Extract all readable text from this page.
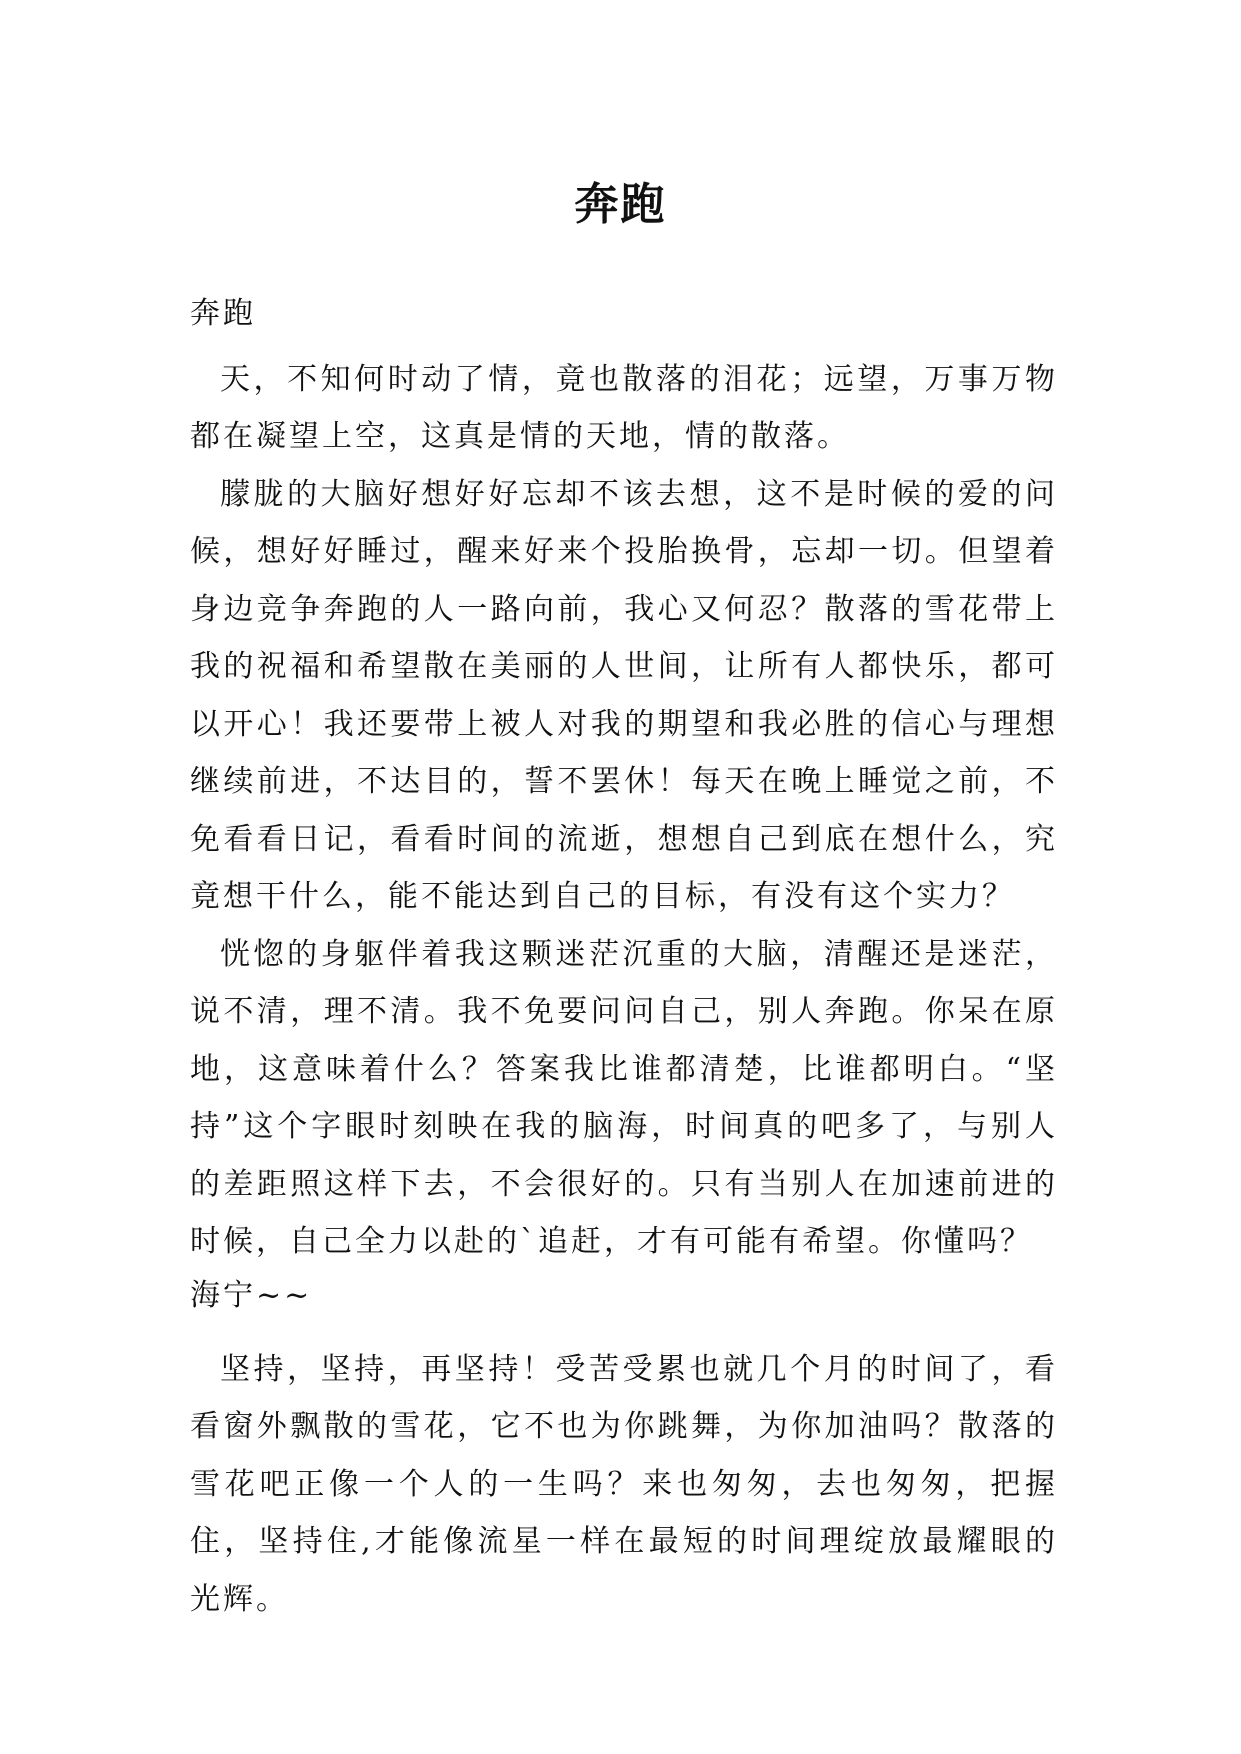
奔跑

奔跑

天，不知何时动了情，竟也散落的泪花；远望，万事万物都在凝望上空，这真是情的天地，情的散落。

朦胧的大脑好想好好忘却不该去想，这不是时候的爱的问候，想好好睡过，醒来好来个投胎换骨，忘却一切。但望着身边竞争奔跑的人一路向前，我心又何忍？散落的雪花带上我的祝福和希望散在美丽的人世间，让所有人都快乐，都可以开心！我还要带上被人对我的期望和我必胜的信心与理想继续前进，不达目的，誓不罢休！每天在晚上睡觉之前，不免看看日记，看看时间的流逝，想想自己到底在想什么，究竟想干什么，能不能达到自己的目标，有没有这个实力？

恍惚的身躯伴着我这颗迷茫沉重的大脑，清醒还是迷茫，说不清，理不清。我不免要问问自己，别人奔跑。你呆在原地，这意味着什么？答案我比谁都清楚，比谁都明白。“坚持”这个字眼时刻映在我的脑海，时间真的吧多了，与别人的差距照这样下去，不会很好的。只有当别人在加速前进的时候，自己全力以赴的`追赶，才有可能有希望。你懂吗？

海宁~~

坚持，坚持，再坚持！受苦受累也就几个月的时间了，看看窗外飘散的雪花，它不也为你跳舞，为你加油吗？散落的雪花吧正像一个人的一生吗？来也匆匆，去也匆匆，把握住，坚持住,才能像流星一样在最短的时间理绽放最耀眼的光辉。
